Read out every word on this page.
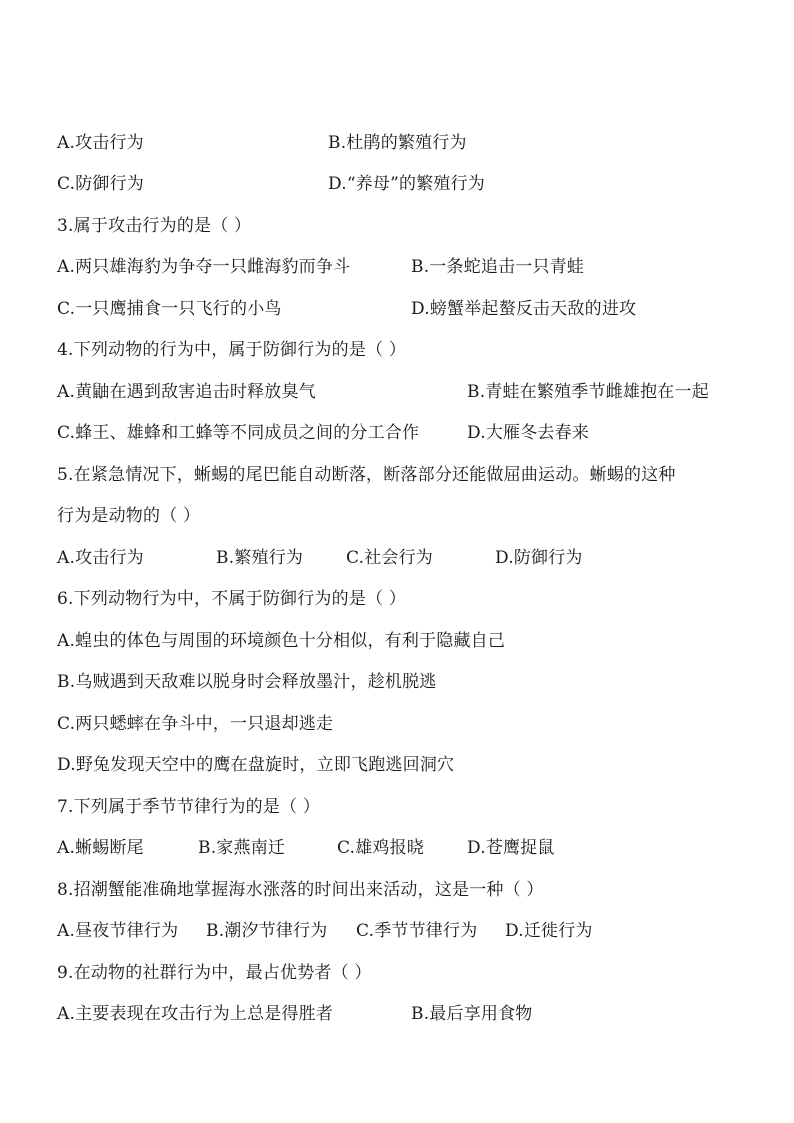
A.攻击行为	B.杜鹃的繁殖行为
C.防御行为	D.“养母”的繁殖行为
3.属于攻击行为的是（ ）
A.两只雄海豹为争夺一只雌海豹而争斗	B.一条蛇追击一只青蛙
C.一只鹰捕食一只飞行的小鸟	D.螃蟹举起螯反击天敌的进攻
4.下列动物的行为中，属于防御行为的是（ ）
A.黄鼬在遇到敌害追击时释放臭气	B.青蛙在繁殖季节雌雄抱在一起
C.蜂王、雄蜂和工蜂等不同成员之间的分工合作	D.大雁冬去春来
5.在紧急情况下，蜥蜴的尾巴能自动断落，断落部分还能做屈曲运动。蜥蜴的这种
行为是动物的（ ）
A.攻击行为	B.繁殖行为	C.社会行为	D.防御行为
6.下列动物行为中，不属于防御行为的是（ ）
A.蝗虫的体色与周围的环境颜色十分相似，有利于隐藏自己
B.乌贼遇到天敌难以脱身时会释放墨汁，趁机脱逃
C.两只蟋蟀在争斗中，一只退却逃走
D.野兔发现天空中的鹰在盘旋时，立即飞跑逃回洞穴
7.下列属于季节节律行为的是（ ）
A.蜥蜴断尾	B.家燕南迁	C.雄鸡报晓	D.苍鹰捉鼠
8.招潮蟹能准确地掌握海水涨落的时间出来活动，这是一种（ ）
A.昼夜节律行为 B.潮汐节律行为 C.季节节律行为 D.迁徙行为
9.在动物的社群行为中，最占优势者（ ）
A.主要表现在攻击行为上总是得胜者	B.最后享用食物
